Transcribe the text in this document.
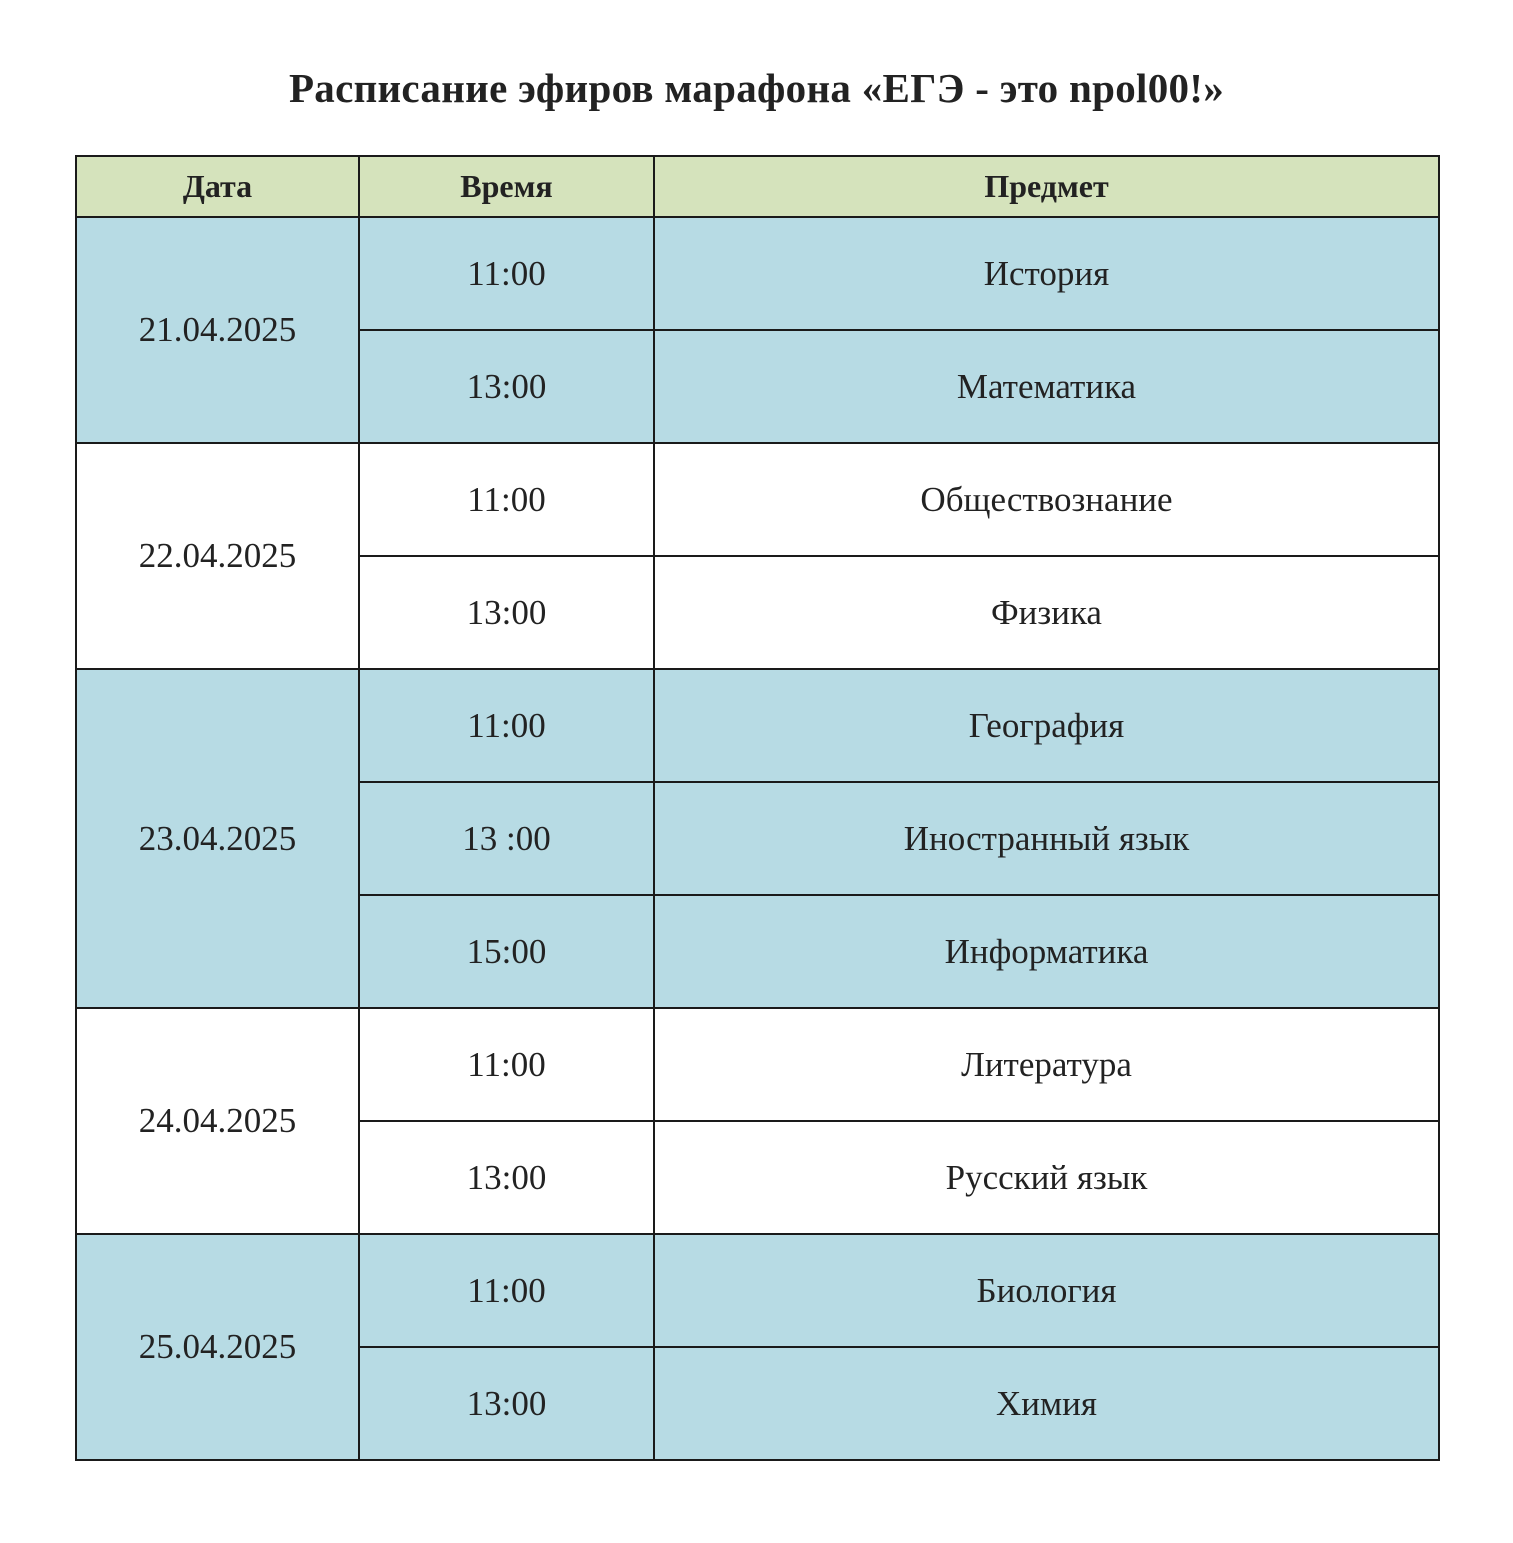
Расписание эфиров марафона «ЕГЭ - это npol00!»
Дата	Время	Предмет
21.04.2025	11:00	История
	13:00	Математика
22.04.2025	11:00	Обществознание
	13:00	Физика
23.04.2025	11:00	География
	13 :00	Иностранный язык
	15:00	Информатика
24.04.2025	11:00	Литература
	13:00	Русский язык
25.04.2025	11:00	Биология
	13:00	Химия
